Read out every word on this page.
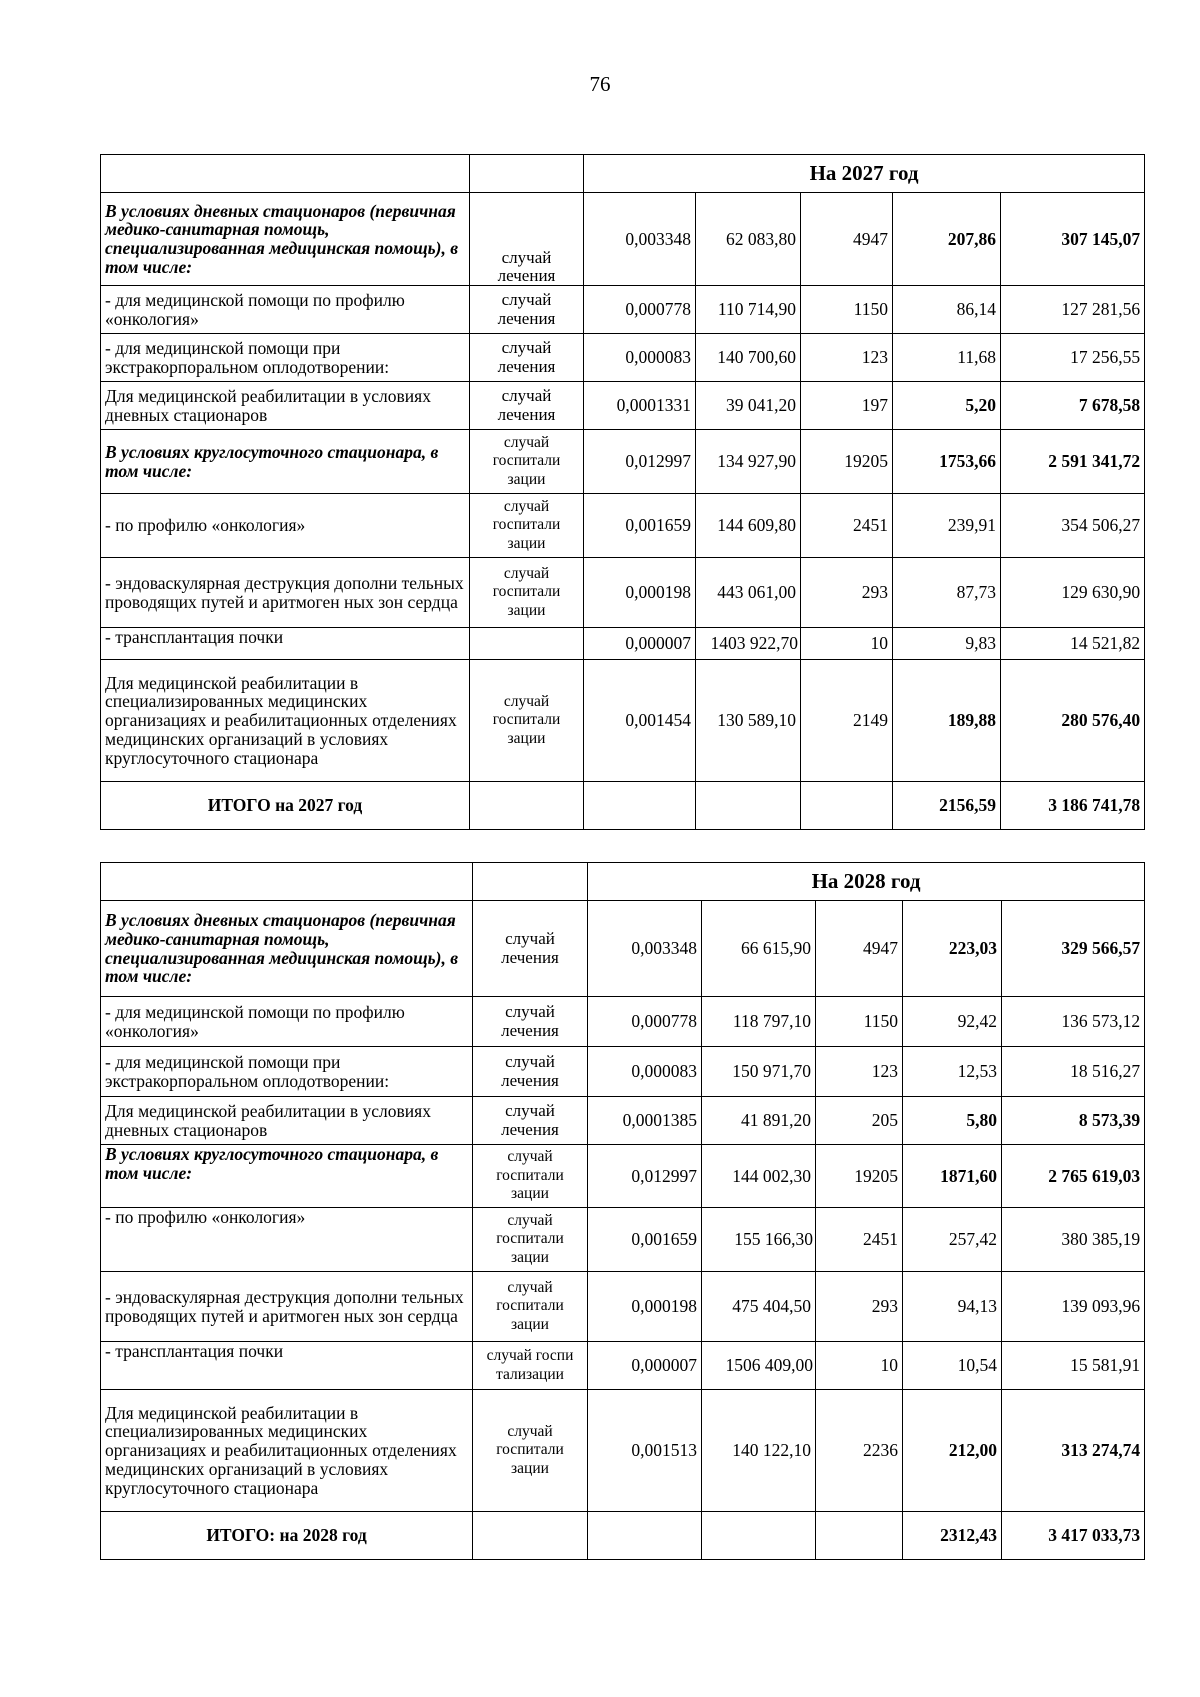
76
		На 2027 год				
В условиях дневных стационаров (первичная медико-санитарная помощь, специализированная медицинская помощь), в том числе:	случай лечения	0,003348	62 083,80	4947	207,86	307 145,07
- для медицинской помощи по профилю «онкология»	случай лечения	0,000778	110 714,90	1150	86,14	127 281,56
- для медицинской помощи при экстракорпоральном оплодотворении:	случай лечения	0,000083	140 700,60	123	11,68	17 256,55
Для медицинской реабилитации в условиях дневных стационаров	случай лечения	0,0001331	39 041,20	197	5,20	7 678,58
В условиях круглосуточного стационара, в том числе:	случай госпитали зации	0,012997	134 927,90	19205	1753,66	2 591 341,72
- по профилю «онкология»	случай госпитали зации	0,001659	144 609,80	2451	239,91	354 506,27
- эндоваскулярная деструкция дополни тельных проводящих путей и аритмоген ных зон сердца	случай госпитали зации	0,000198	443 061,00	293	87,73	129 630,90
- трансплантация почки		0,000007	1403 922,70	10	9,83	14 521,82
Для медицинской реабилитации в специализированных медицинских организациях и реабилитационных отделениях медицинских организаций в условиях круглосуточного стационара	случай госпитали зации	0,001454	130 589,10	2149	189,88	280 576,40
ИТОГО на 2027 год					2156,59	3 186 741,78
		На 2028 год				
В условиях дневных стационаров (первичная медико-санитарная помощь, специализированная медицинская помощь), в том числе:	случай лечения	0,003348	66 615,90	4947	223,03	329 566,57
- для медицинской помощи по профилю «онкология»	случай лечения	0,000778	118 797,10	1150	92,42	136 573,12
- для медицинской помощи при экстракорпоральном оплодотворении:	случай лечения	0,000083	150 971,70	123	12,53	18 516,27
Для медицинской реабилитации в условиях дневных стационаров	случай лечения	0,0001385	41 891,20	205	5,80	8 573,39
В условиях круглосуточного стационара, в том числе:	случай госпитали зации	0,012997	144 002,30	19205	1871,60	2 765 619,03
- по профилю «онкология»	случай госпитали зации	0,001659	155 166,30	2451	257,42	380 385,19
- эндоваскулярная деструкция дополни тельных проводящих путей и аритмоген ных зон сердца	случай госпитали зации	0,000198	475 404,50	293	94,13	139 093,96
- трансплантация почки	случай госпи тализации	0,000007	1506 409,00	10	10,54	15 581,91
Для медицинской реабилитации в специализированных медицинских организациях и реабилитационных отделениях медицинских организаций в условиях круглосуточного стационара	случай госпитали зации	0,001513	140 122,10	2236	212,00	313 274,74
ИТОГО: на 2028 год					2312,43	3 417 033,73
